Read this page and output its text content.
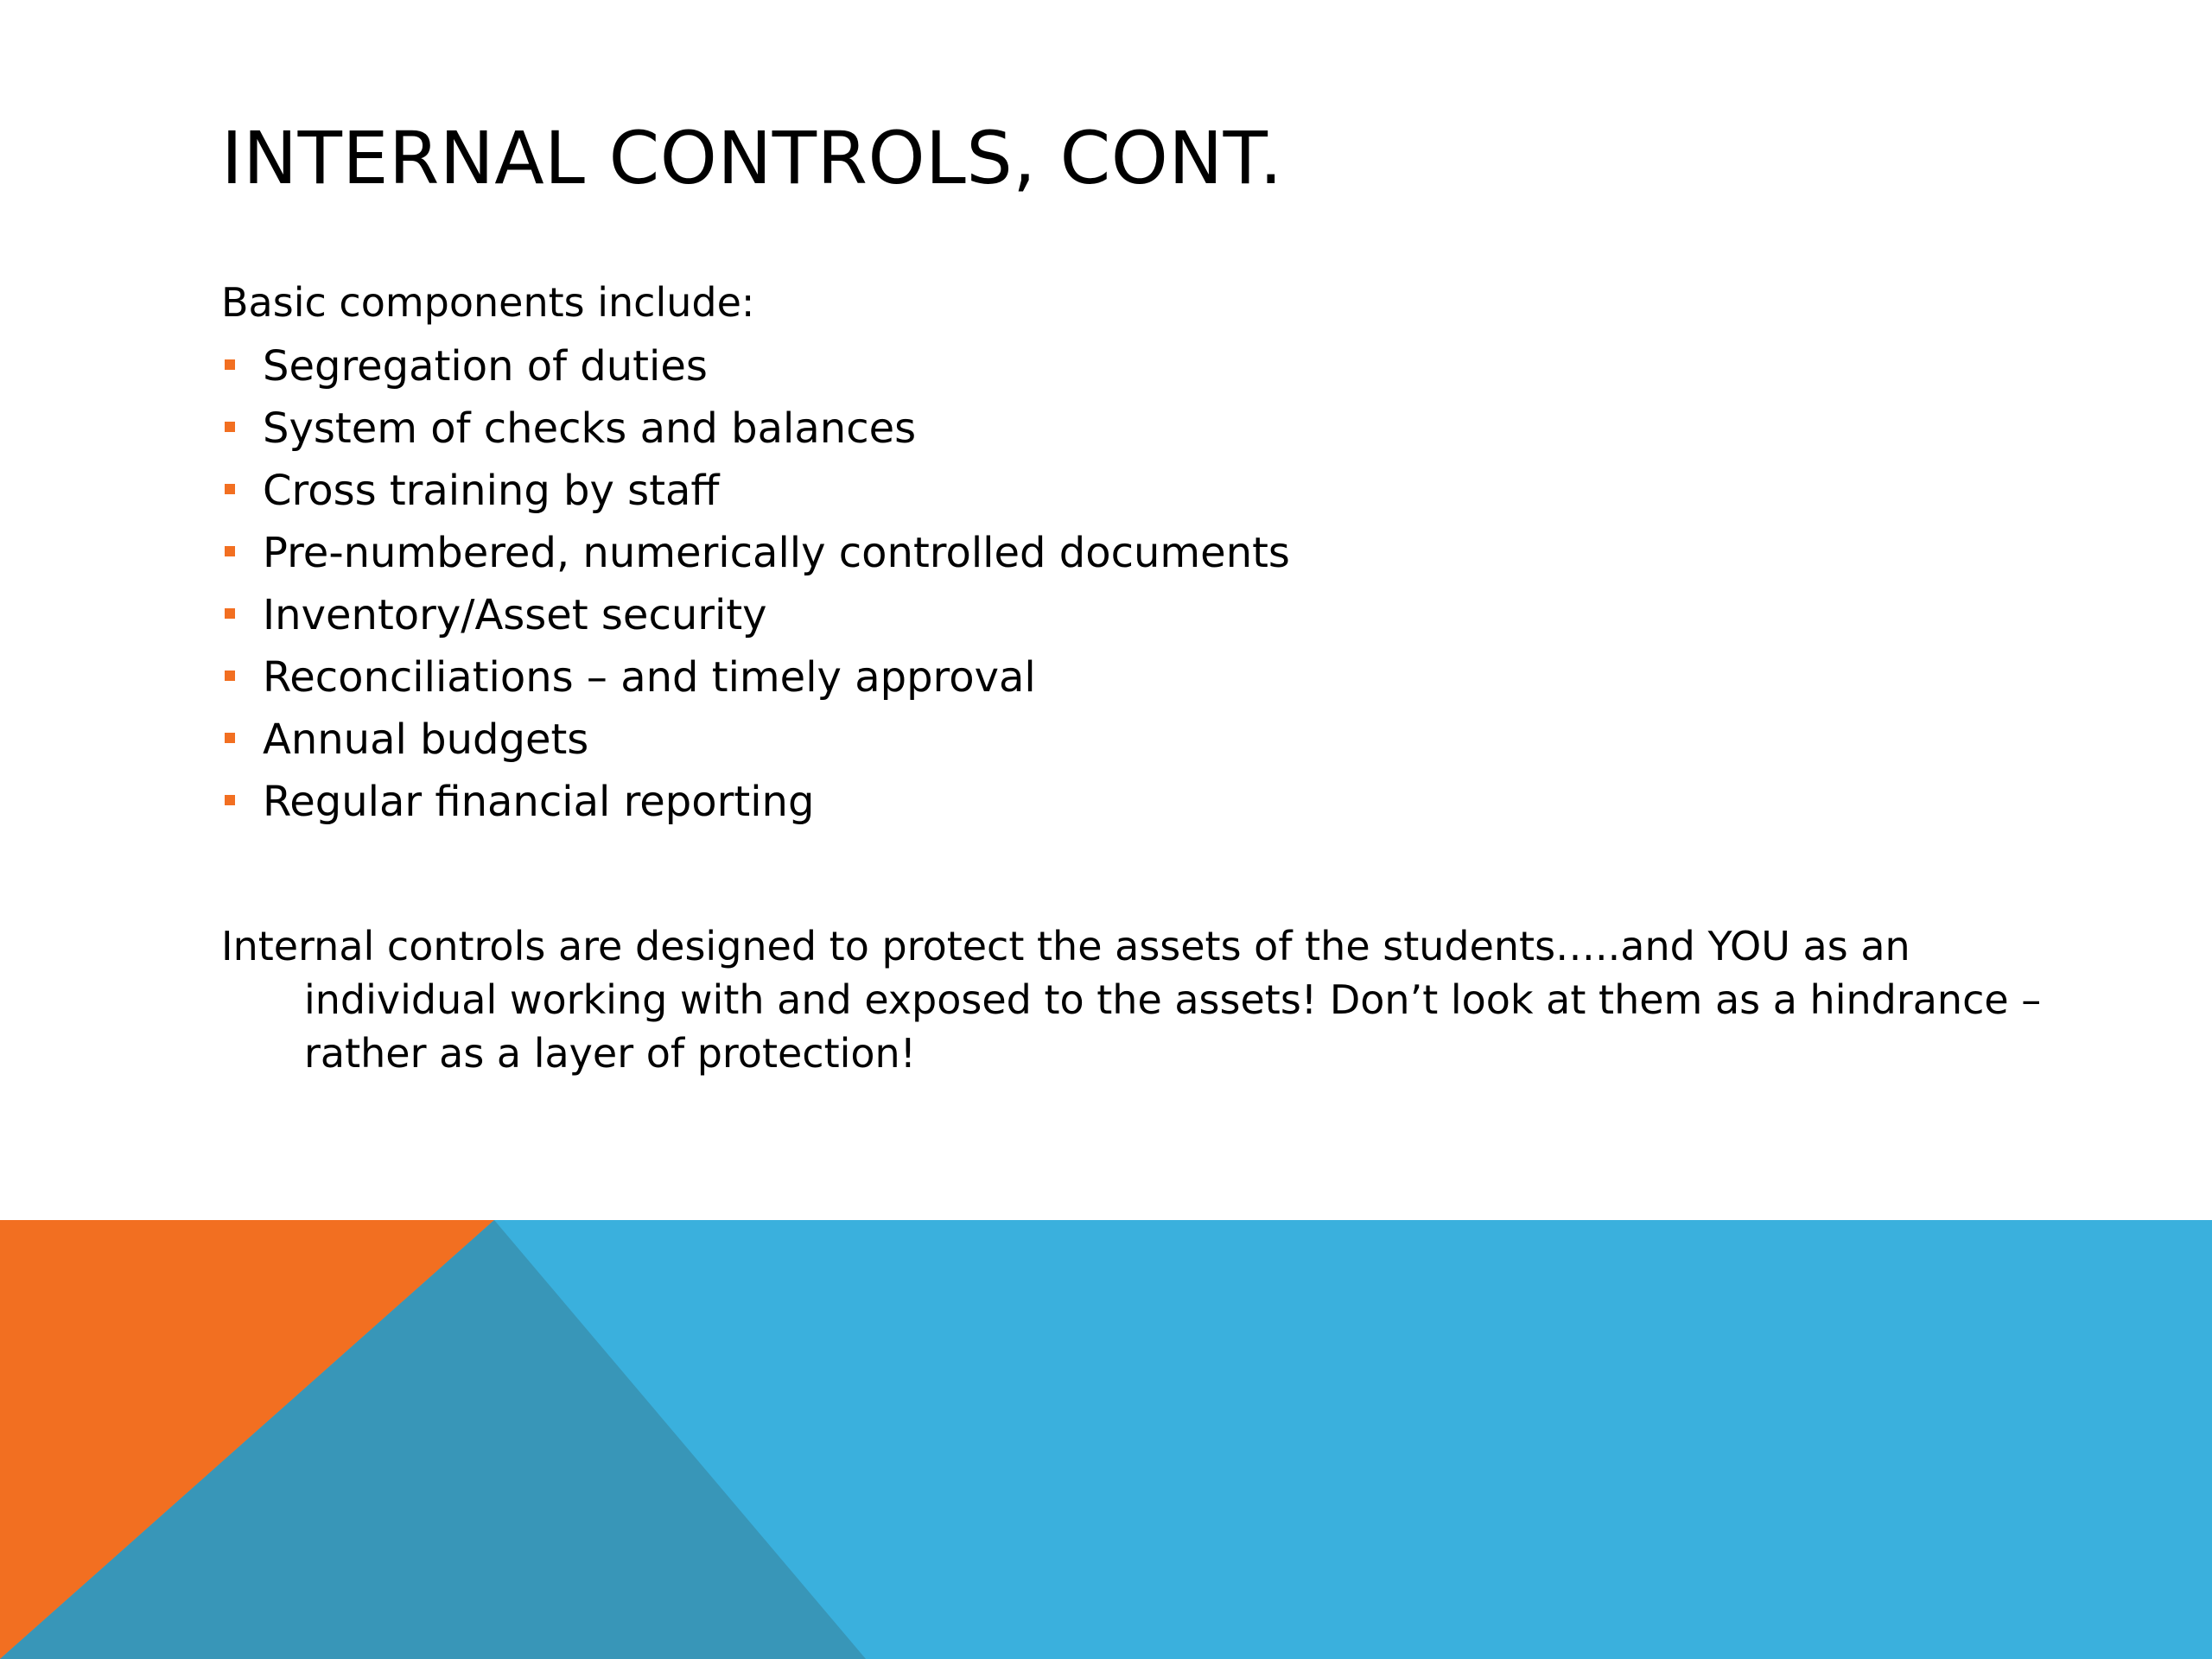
INTERNAL CONTROLS, CONT.
Basic components include:
Segregation of duties
System of checks and balances
Cross training by staff
Pre-numbered, numerically controlled documents
Inventory/Asset security
Reconciliations – and timely approval
Annual budgets
Regular financial reporting

Internal controls are designed to protect the assets of the students…..and YOU as an individual working with and exposed to the assets! Don’t look at them as a hindrance – rather as a layer of protection!
